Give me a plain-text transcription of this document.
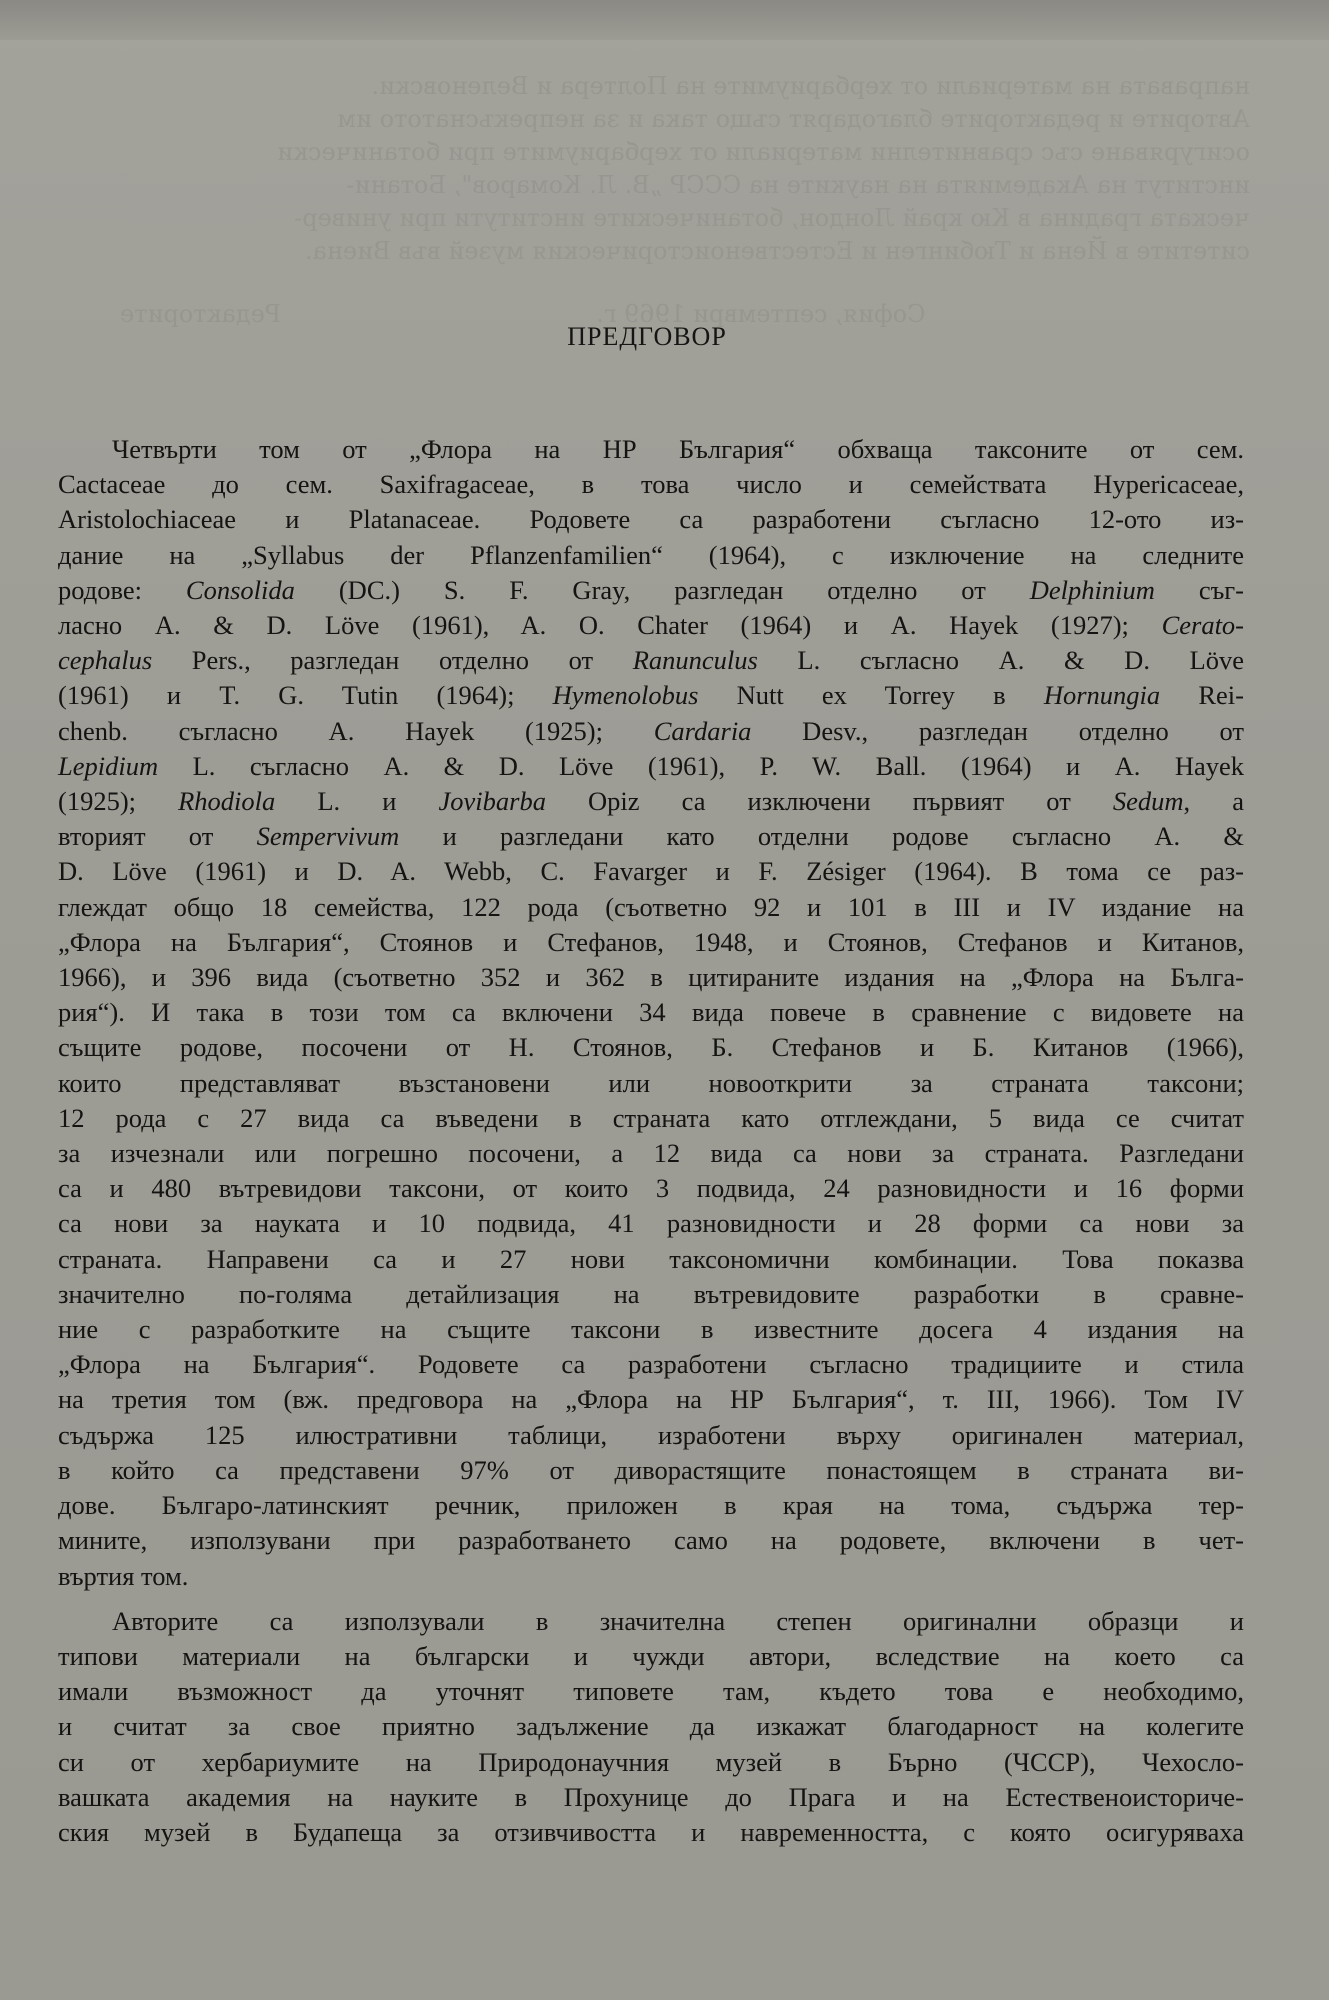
направата на материали от хербариумите на Полтера и Веленовски.

Авторите и редакторите благодарят също така и за непрекъснатото им

осигуряване със сравнителни материали от хербариумите при ботанически

институт на Академията на науките на СССР „В. Л. Комаров", Ботани-

ческата градина в Кю край Лондон, ботаническите институти при универ-

ситетите в Йена и Тюбинген и Естественоисторическия музей във Виена.

София, септември 1969 г.  Редакторите

ПРЕДГОВОР

Четвърти том от „Флора на НР България“ обхваща таксоните от сем.

Cactaceae до сем. Saxifragaceae, в това число и семействата Hypericaceae,

Aristolochiaceae и Platanaceae. Родовете са разработени съгласно 12-ото из-

дание на „Syllabus der Pflanzenfamilien“ (1964), с изключение на следните

родове: Consolida (DC.) S. F. Gray, разгледан отделно от Delphinium съг-

ласно A. & D. Löve (1961), A. O. Chater (1964) и A. Hayek (1927); Cerato-

cephalus Pers., разгледан отделно от Ranunculus L. съгласно A. & D. Löve

(1961) и T. G. Tutin (1964); Hymenolobus Nutt ex Torrey в Hornungia Rei-

chenb. съгласно A. Hayek (1925); Cardaria Desv., разгледан отделно от

Lepidium L. съгласно A. & D. Löve (1961), P. W. Ball. (1964) и A. Hayek

(1925); Rhodiola L. и Jovibarba Opiz са изключени първият от Sedum, а

вторият от Sempervivum и разгледани като отделни родове съгласно A. &

D. Löve (1961) и D. A. Webb, C. Favarger и F. Zésiger (1964). В тома се раз-

глеждат общо 18 семейства, 122 рода (съответно 92 и 101 в III и IV издание на

„Флора на България“, Стоянов и Стефанов, 1948, и Стоянов, Стефанов и Китанов,

1966), и 396 вида (съответно 352 и 362 в цитираните издания на „Флора на Бълга-

рия“). И така в този том са включени 34 вида повече в сравнение с видовете на

същите родове, посочени от Н. Стоянов, Б. Стефанов и Б. Китанов (1966),

които представляват възстановени или новооткрити за страната таксони;

12 рода с 27 вида са въведени в страната като отглеждани, 5 вида се считат

за изчезнали или погрешно посочени, а 12 вида са нови за страната. Разгледани

са и 480 вътревидови таксони, от които 3 подвида, 24 разновидности и 16 форми

са нови за науката и 10 подвида, 41 разновидности и 28 форми са нови за

страната. Направени са и 27 нови таксономични комбинации. Това показва

значително по-голяма детайлизация на вътревидовите разработки в сравне-

ние с разработките на същите таксони в известните досега 4 издания на

„Флора на България“. Родовете са разработени съгласно традициите и стила

на третия том (вж. предговора на „Флора на НР България“, т. III, 1966). Том IV

съдържа 125 илюстративни таблици, изработени върху оригинален материал,

в който са представени 97% от диворастящите понастоящем в страната ви-

дове. Българо-латинският речник, приложен в края на тома, съдържа тер-

мините, използувани при разработването само на родовете, включени в чет-

въртия том.

Авторите са използували в значителна степен оригинални образци и

типови материали на български и чужди автори, вследствие на което са

имали възможност да уточнят типовете там, където това е необходимо,

и считат за свое приятно задължение да изкажат благодарност на колегите

си от хербариумите на Природонаучния музей в Бърно (ЧССР), Чехосло-

вашката академия на науките в Прохунице до Прага и на Естественоисториче-

ския музей в Будапеща за отзивчивостта и навременността, с която осигуряваха
